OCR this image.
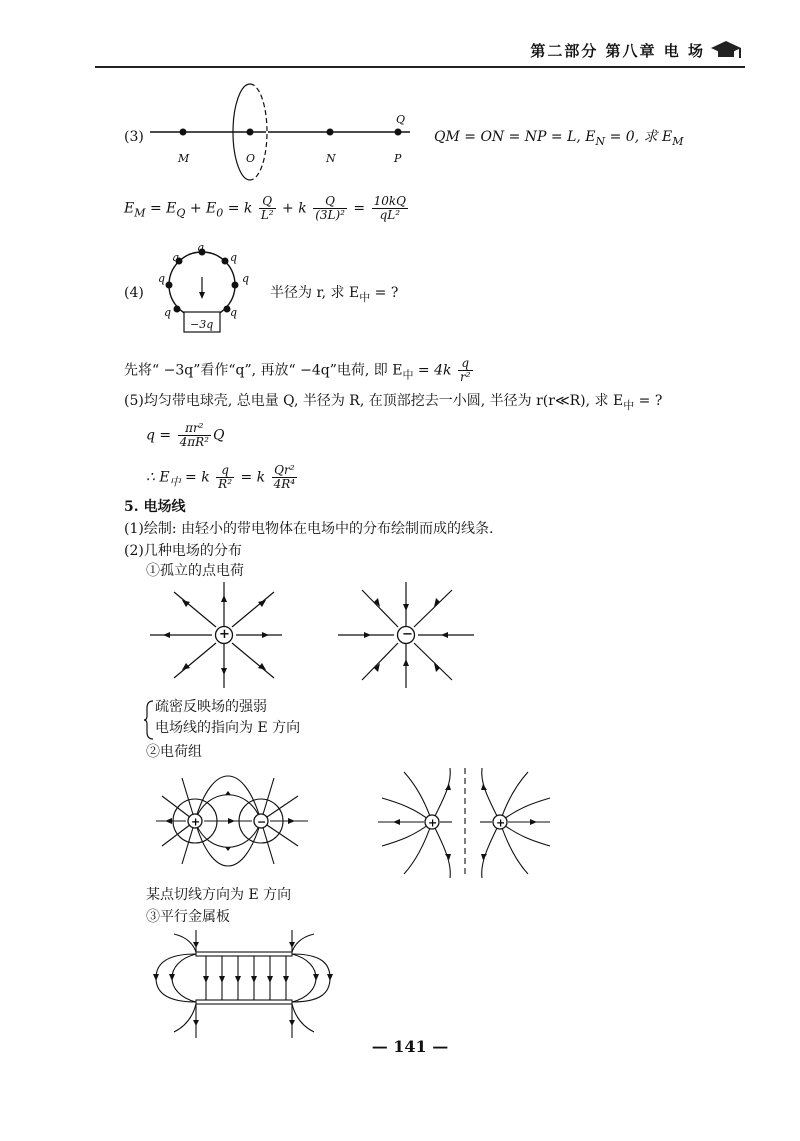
第二部分 第八章 电 场
(3)
M	O	N	P
Q
QM = ON = NP = L, $E_N = 0$, 求 $E_M$
$E_M = E_Q + E_0 = k \frac{Q}{\text{L²}} + k \frac{Q}{\text{(3L)²}} = \frac{10kQ}{\text{qL²}}$
(4)
q
q	q
q	q
q	q
−3q
半径为 r, 求 $E_中$ = ?
先将“ −3q”看作“q”, 再放“ −4q”电荷, 即 $E_中 = 4k \frac{q}{\text{r²}}$
(5)均匀带电球壳, 总电量 Q, 半径为 R, 在顶部挖去一小圆, 半径为 r(r≪R), 求 $E_中$ = ?
$q = \frac{\text{πr²}}{\text{4πR²}}$ Q
∴ $E_中 = k \frac{q}{\text{R²}} = k \frac{\text{Qr²}}{\text{4R⁴}}$
5. 电场线
(1)绘制: 由轻小的带电物体在电场中的分布绘制而成的线条.
(2)几种电场的分布
①孤立的点电荷
+	−
疏密反映场的强弱
电场线的指向为 E 方向
②电荷组
+	−	+	+
某点切线方向为 E 方向
③平行金属板
— 141 —
